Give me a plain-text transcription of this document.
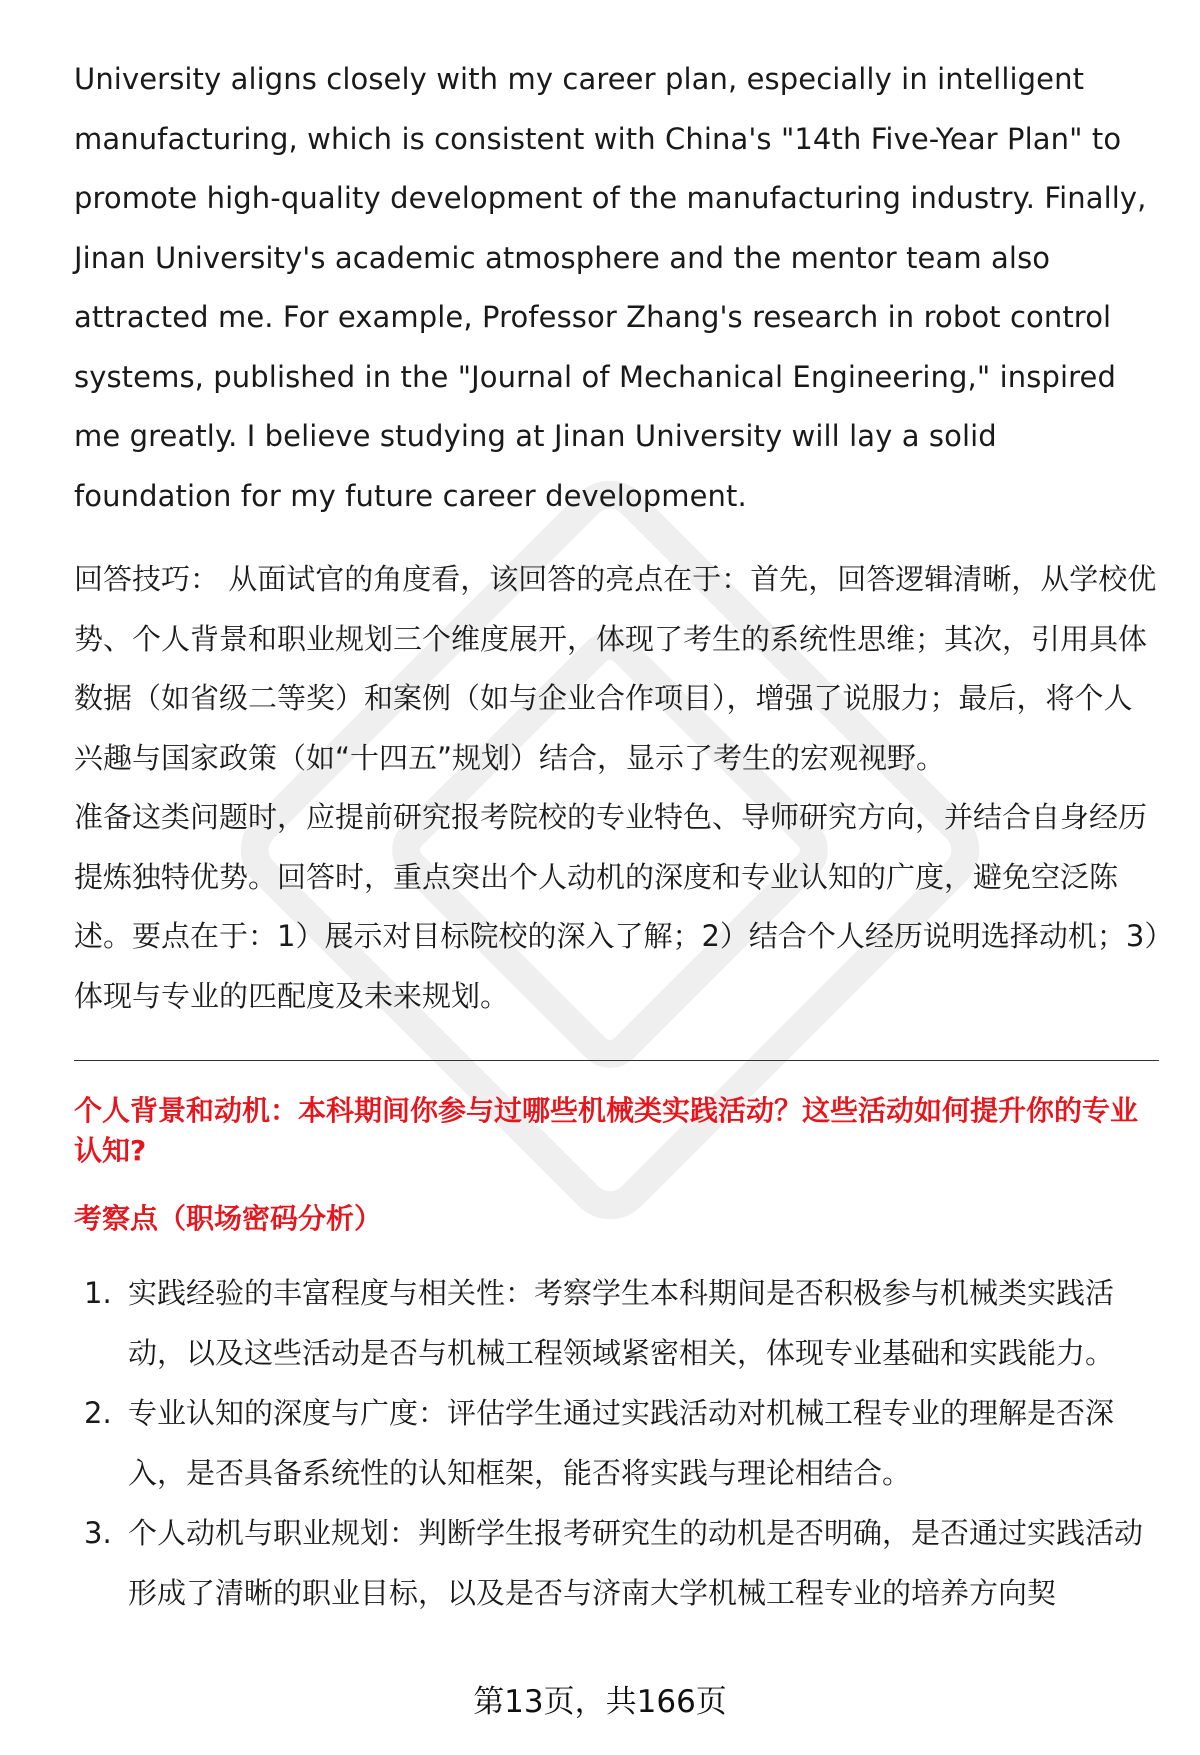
University aligns closely with my career plan, especially in intelligent manufacturing, which is consistent with China's "14th Five-Year Plan" to promote high-quality development of the manufacturing industry. Finally, Jinan University's academic atmosphere and the mentor team also attracted me. For example, Professor Zhang's research in robot control systems, published in the "Journal of Mechanical Engineering," inspired me greatly. I believe studying at Jinan University will lay a solid foundation for my future career development.

回答技巧： 从面试官的角度看，该回答的亮点在于：首先，回答逻辑清晰，从学校优势、个人背景和职业规划三个维度展开，体现了考生的系统性思维；其次，引用具体数据（如省级二等奖）和案例（如与企业合作项目），增强了说服力；最后，将个人兴趣与国家政策（如“十四五”规划）结合，显示了考生的宏观视野。

准备这类问题时，应提前研究报考院校的专业特色、导师研究方向，并结合自身经历提炼独特优势。回答时，重点突出个人动机的深度和专业认知的广度，避免空泛陈述。要点在于：1）展示对目标院校的深入了解；2）结合个人经历说明选择动机；3）体现与专业的匹配度及未来规划。

个人背景和动机：本科期间你参与过哪些机械类实践活动？这些活动如何提升你的专业认知?

考察点（职场密码分析）

1. 实践经验的丰富程度与相关性：考察学生本科期间是否积极参与机械类实践活动，以及这些活动是否与机械工程领域紧密相关，体现专业基础和实践能力。
2. 专业认知的深度与广度：评估学生通过实践活动对机械工程专业的理解是否深入，是否具备系统性的认知框架，能否将实践与理论相结合。
3. 个人动机与职业规划：判断学生报考研究生的动机是否明确，是否通过实践活动形成了清晰的职业目标，以及是否与济南大学机械工程专业的培养方向契
第13页，共166页
